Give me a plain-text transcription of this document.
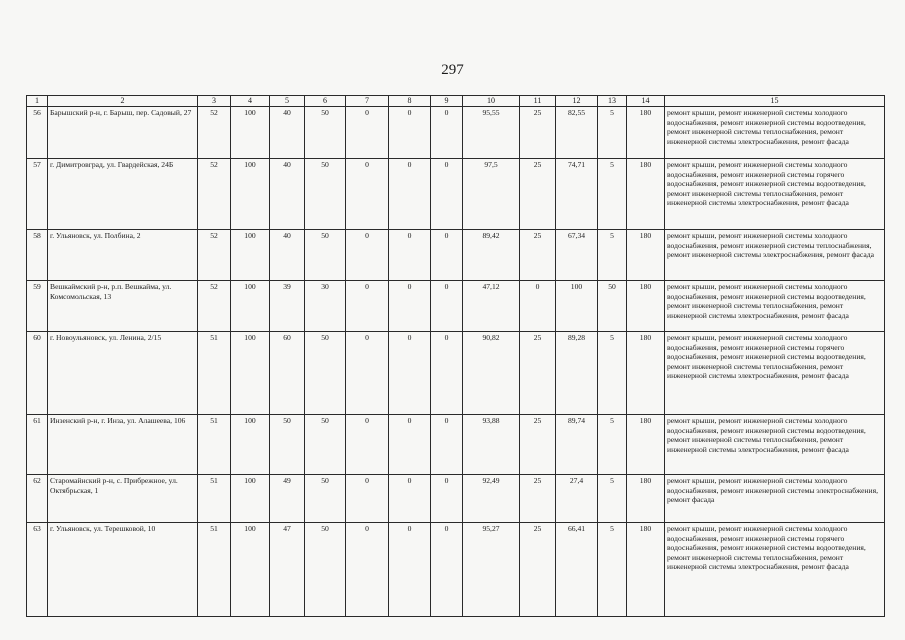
297
1	2	3	4	5	6	7	8	9	10	11	12	13	14	15
56	Барышский р-н, г. Барыш, пер. Садовый, 27	52	100	40	50	0	0	0	95,55	25	82,55	5	180	ремонт крыши, ремонт инженерной системы холодного водоснабжения, ремонт инженерной системы водоотведения, ремонт инженерной системы теплоснабжения, ремонт инженерной системы электроснабжения, ремонт фасада
57	г. Димитровград, ул. Гвардейская, 24Б	52	100	40	50	0	0	0	97,5	25	74,71	5	180	ремонт крыши, ремонт инженерной системы холодного водоснабжения, ремонт инженерной системы горячего водоснабжения, ремонт инженерной системы водоотведения, ремонт инженерной системы теплоснабжения, ремонт инженерной системы электроснабжения, ремонт фасада
58	г. Ульяновск, ул. Полбина, 2	52	100	40	50	0	0	0	89,42	25	67,34	5	180	ремонт крыши, ремонт инженерной системы холодного водоснабжения, ремонт инженерной системы теплоснабжения, ремонт инженерной системы электроснабжения, ремонт фасада
59	Вешкаймский р-н, р.п. Вешкайма, ул. Комсомольская, 13	52	100	39	30	0	0	0	47,12	0	100	50	180	ремонт крыши, ремонт инженерной системы холодного водоснабжения, ремонт инженерной системы водоотведения, ремонт инженерной системы теплоснабжения, ремонт инженерной системы электроснабжения, ремонт фасада
60	г. Новоульяновск, ул. Ленина, 2/15	51	100	60	50	0	0	0	90,82	25	89,28	5	180	ремонт крыши, ремонт инженерной системы холодного водоснабжения, ремонт инженерной системы горячего водоснабжения, ремонт инженерной системы водоотведения, ремонт инженерной системы теплоснабжения, ремонт инженерной системы электроснабжения, ремонт фасада
61	Инзенский р-н, г. Инза, ул. Алашеева, 106	51	100	50	50	0	0	0	93,88	25	89,74	5	180	ремонт крыши, ремонт инженерной системы холодного водоснабжения, ремонт инженерной системы водоотведения, ремонт инженерной системы теплоснабжения, ремонт инженерной системы электроснабжения, ремонт фасада
62	Старомайнский р-н, с. Прибрежное, ул. Октябрьская, 1	51	100	49	50	0	0	0	92,49	25	27,4	5	180	ремонт крыши, ремонт инженерной системы холодного водоснабжения, ремонт инженерной системы электроснабжения, ремонт фасада
63	г. Ульяновск, ул. Терешковой, 10	51	100	47	50	0	0	0	95,27	25	66,41	5	180	ремонт крыши, ремонт инженерной системы холодного водоснабжения, ремонт инженерной системы горячего водоснабжения, ремонт инженерной системы водоотведения, ремонт инженерной системы теплоснабжения, ремонт инженерной системы электроснабжения, ремонт фасада
